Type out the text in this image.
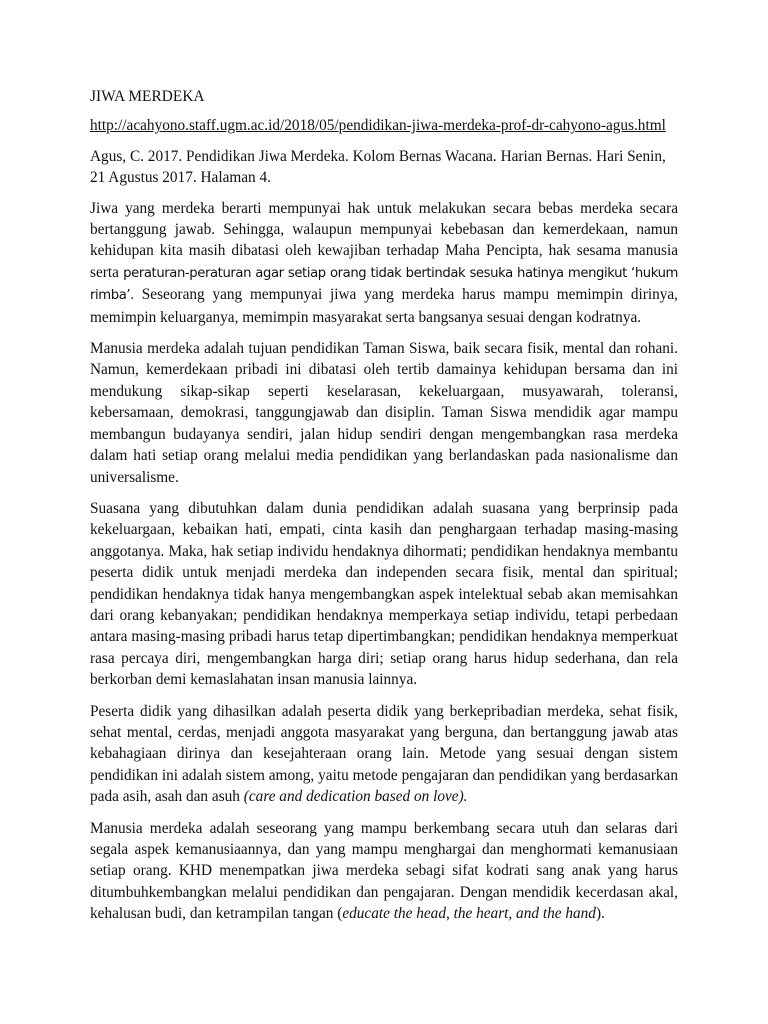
JIWA MERDEKA
http://acahyono.staff.ugm.ac.id/2018/05/pendidikan-jiwa-merdeka-prof-dr-cahyono-agus.html
Agus, C. 2017. Pendidikan Jiwa Merdeka. Kolom Bernas Wacana. Harian Bernas. Hari Senin, 21 Agustus 2017. Halaman 4.

Jiwa yang merdeka berarti mempunyai hak untuk melakukan secara bebas merdeka secara bertanggung jawab. Sehingga, walaupun mempunyai kebebasan dan kemerdekaan, namun kehidupan kita masih dibatasi oleh kewajiban terhadap Maha Pencipta, hak sesama manusia serta peraturan-peraturan agar setiap orang tidak bertindak sesuka hatinya mengikut ‘hukum rimba’. Seseorang yang mempunyai jiwa yang merdeka harus mampu memimpin dirinya, memimpin keluarganya, memimpin masyarakat serta bangsanya sesuai dengan kodratnya.

Manusia merdeka adalah tujuan pendidikan Taman Siswa, baik secara fisik, mental dan rohani. Namun, kemerdekaan pribadi ini dibatasi oleh tertib damainya kehidupan bersama dan ini mendukung sikap-sikap seperti keselarasan, kekeluargaan, musyawarah, toleransi, kebersamaan, demokrasi, tanggungjawab dan disiplin. Taman Siswa mendidik agar mampu membangun budayanya sendiri, jalan hidup sendiri dengan mengembangkan rasa merdeka dalam hati setiap orang melalui media pendidikan yang berlandaskan pada nasionalisme dan universalisme.

Suasana yang dibutuhkan dalam dunia pendidikan adalah suasana yang berprinsip pada kekeluargaan, kebaikan hati, empati, cinta kasih dan penghargaan terhadap masing-masing anggotanya. Maka, hak setiap individu hendaknya dihormati; pendidikan hendaknya membantu peserta didik untuk menjadi merdeka dan independen secara fisik, mental dan spiritual; pendidikan hendaknya tidak hanya mengembangkan aspek intelektual sebab akan memisahkan dari orang kebanyakan; pendidikan hendaknya memperkaya setiap individu, tetapi perbedaan antara masing-masing pribadi harus tetap dipertimbangkan; pendidikan hendaknya memperkuat rasa percaya diri, mengembangkan harga diri; setiap orang harus hidup sederhana, dan rela berkorban demi kemaslahatan insan manusia lainnya.

Peserta didik yang dihasilkan adalah peserta didik yang berkepribadian merdeka, sehat fisik, sehat mental, cerdas, menjadi anggota masyarakat yang berguna, dan bertanggung jawab atas kebahagiaan dirinya dan kesejahteraan orang lain. Metode yang sesuai dengan sistem pendidikan ini adalah sistem among, yaitu metode pengajaran dan pendidikan yang berdasarkan pada asih, asah dan asuh (care and dedication based on love).

Manusia merdeka adalah seseorang yang mampu berkembang secara utuh dan selaras dari segala aspek kemanusiaannya, dan yang mampu menghargai dan menghormati kemanusiaan setiap orang. KHD menempatkan jiwa merdeka sebagi sifat kodrati sang anak yang harus ditumbuhkembangkan melalui pendidikan dan pengajaran. Dengan mendidik kecerdasan akal, kehalusan budi, dan ketrampilan tangan (educate the head, the heart, and the hand).
